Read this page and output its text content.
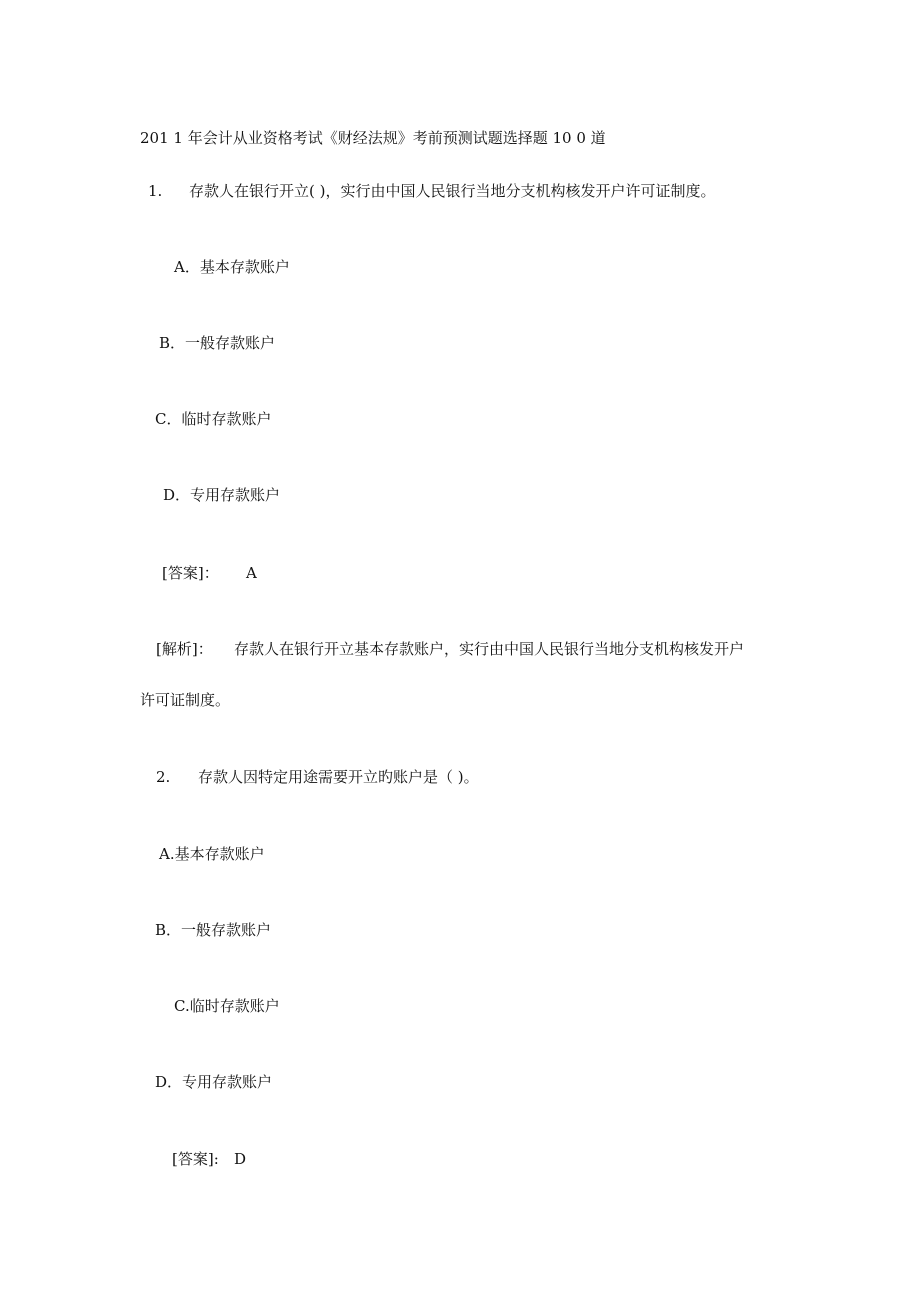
201 1 年会计从业资格考试《财经法规》考前预测试题选择题 10 0 道
1. 存款人在银行开立( )，实行由中国人民银行当地分支机构核发开户许可证制度。
A．基本存款账户
B．一般存款账户
C．临时存款账户
D．专用存款账户
[答案]： A
[解析]： 存款人在银行开立基本存款账户，实行由中国人民银行当地分支机构核发开户
许可证制度。
2. 存款人因特定用途需要开立旳账户是（ )。
A.基本存款账户
B．一般存款账户
C.临时存款账户
D．专用存款账户
[答案]: D
